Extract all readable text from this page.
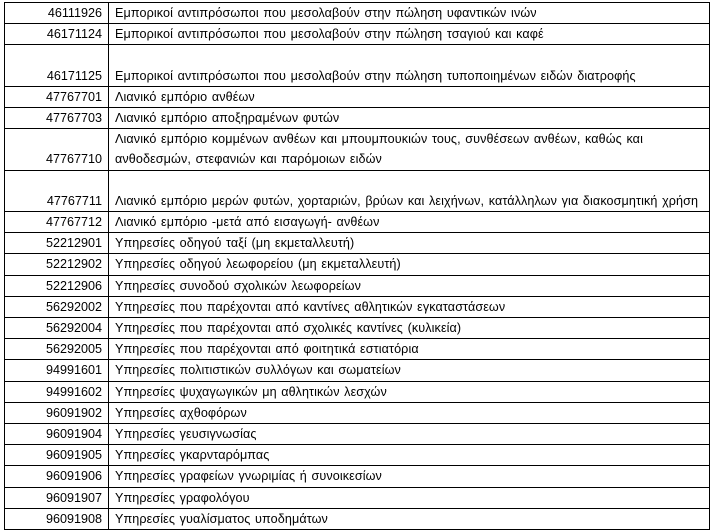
46111926	Εμπορικοί αντιπρόσωποι που μεσολαβούν στην πώληση υφαντικών ινών
46171124	Εμπορικοί αντιπρόσωποι που μεσολαβούν στην πώληση τσαγιού και καφέ
46171125	Εμπορικοί αντιπρόσωποι που μεσολαβούν στην πώληση τυποποιημένων ειδών διατροφής
47767701	Λιανικό εμπόριο ανθέων
47767703	Λιανικό εμπόριο αποξηραμένων φυτών
47767710	Λιανικό εμπόριο κομμένων ανθέων και μπουμπουκιών τους, συνθέσεων ανθέων, καθώς και ανθοδεσμών, στεφανιών και παρόμοιων ειδών
47767711	Λιανικό εμπόριο μερών φυτών, χορταριών, βρύων και λειχήνων, κατάλληλων για διακοσμητική χρήση
47767712	Λιανικό εμπόριο -μετά από εισαγωγή- ανθέων
52212901	Υπηρεσίες οδηγού ταξί (μη εκμεταλλευτή)
52212902	Υπηρεσίες οδηγού λεωφορείου (μη εκμεταλλευτή)
52212906	Υπηρεσίες συνοδού σχολικών λεωφορείων
56292002	Υπηρεσίες που παρέχονται από καντίνες αθλητικών εγκαταστάσεων
56292004	Υπηρεσίες που παρέχονται από σχολικές καντίνες (κυλικεία)
56292005	Υπηρεσίες που παρέχονται από φοιτητικά εστιατόρια
94991601	Υπηρεσίες πολιτιστικών συλλόγων και σωματείων
94991602	Υπηρεσίες ψυχαγωγικών μη αθλητικών λεσχών
96091902	Υπηρεσίες αχθοφόρων
96091904	Υπηρεσίες γευσιγνωσίας
96091905	Υπηρεσίες γκαρνταρόμπας
96091906	Υπηρεσίες γραφείων γνωριμίας ή συνοικεσίων
96091907	Υπηρεσίες γραφολόγου
96091908	Υπηρεσίες γυαλίσματος υποδημάτων
